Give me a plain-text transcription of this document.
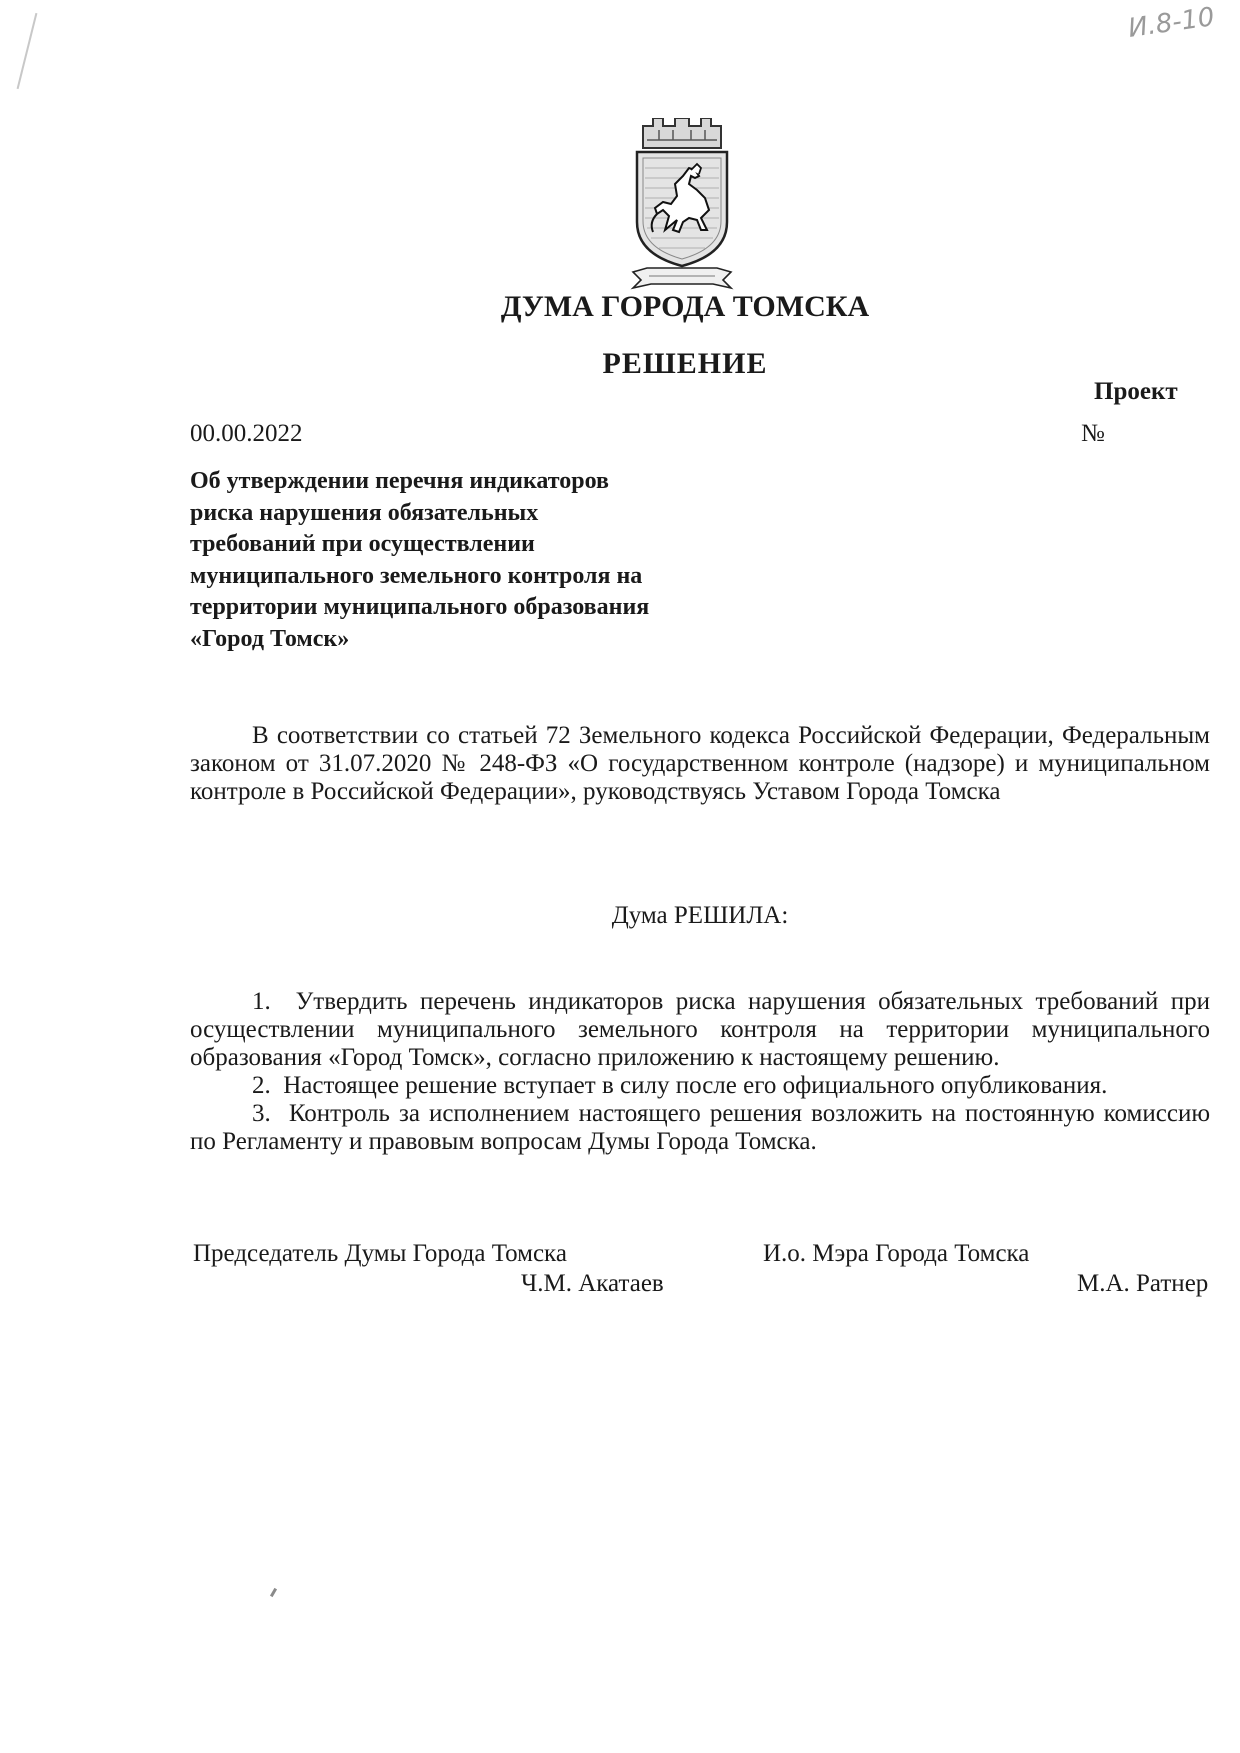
И.8-10
ДУМА ГОРОДА ТОМСКА
РЕШЕНИЕ
Проект
00.00.2022	№
Об утверждении перечня индикаторов риска нарушения обязательных требований при осуществлении муниципального земельного контроля на территории муниципального образования «Город Томск»
В соответствии со статьей 72 Земельного кодекса Российской Федерации, Федеральным законом от 31.07.2020 № 248-ФЗ «О государственном контроле (надзоре) и муниципальном контроле в Российской Федерации», руководствуясь Уставом Города Томска
Дума РЕШИЛА:

1.  Утвердить перечень индикаторов риска нарушения обязательных требований при осуществлении муниципального земельного контроля на территории муниципального образования «Город Томск», согласно приложению к настоящему решению.

2.  Настоящее решение вступает в силу после его официального опубликования.

3.  Контроль за исполнением настоящего решения возложить на постоянную комиссию по Регламенту и правовым вопросам Думы Города Томска.

Председатель Думы Города Томска
Ч.М. Акатаев
И.о. Мэра Города Томска
М.А. Ратнер
